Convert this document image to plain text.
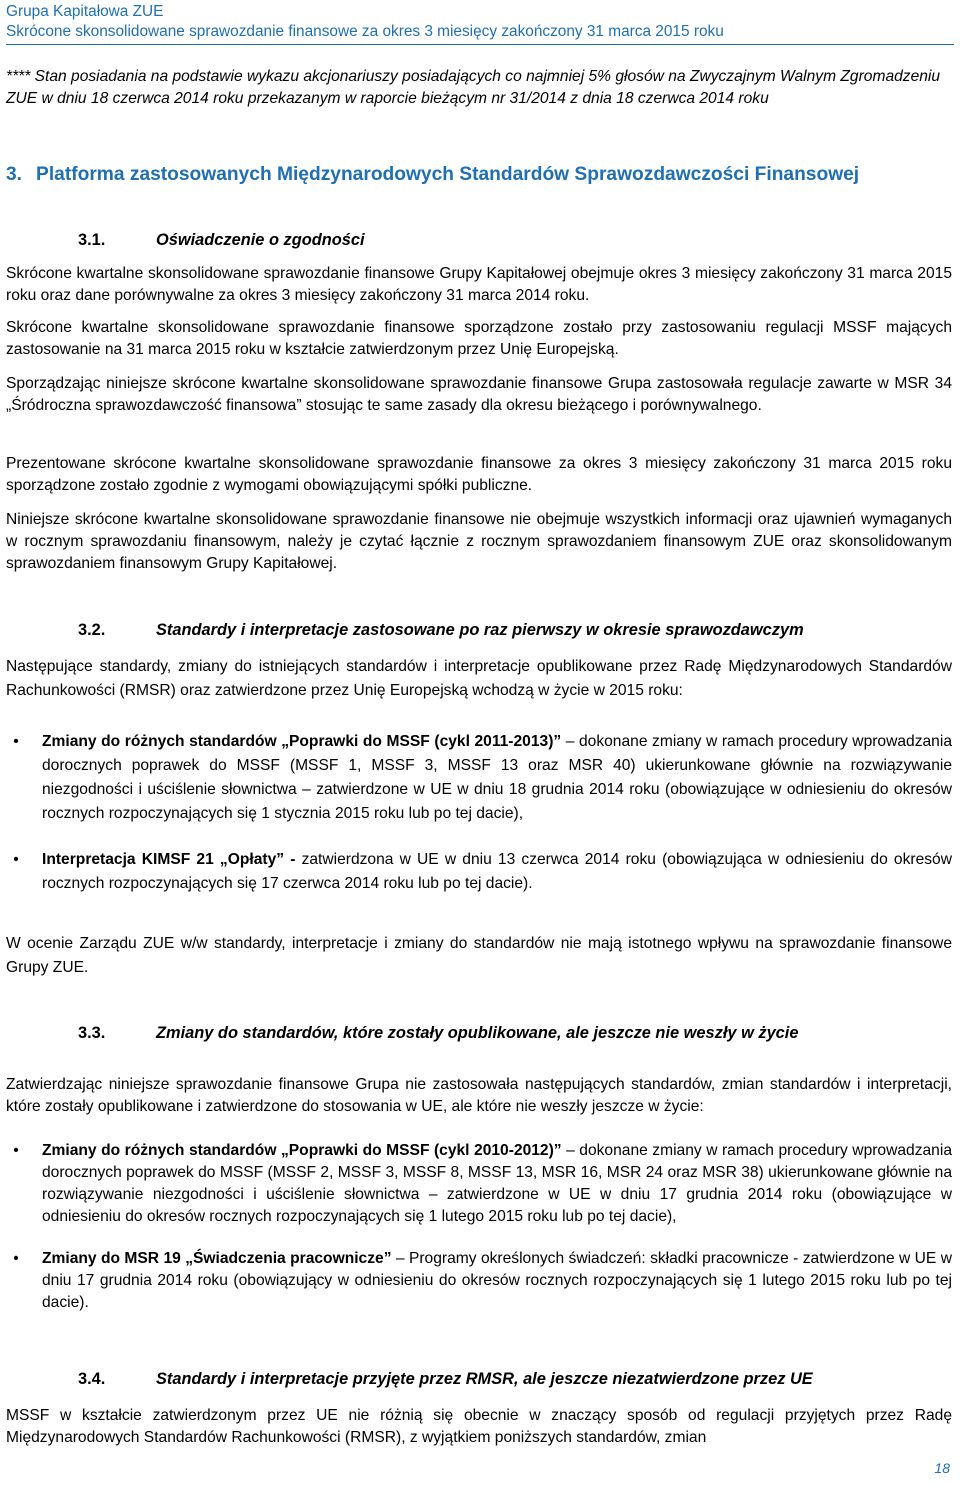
Grupa Kapitałowa ZUE
Skrócone skonsolidowane sprawozdanie finansowe za okres 3 miesięcy zakończony 31 marca 2015 roku
**** Stan posiadania na podstawie wykazu akcjonariuszy posiadających co najmniej 5% głosów na Zwyczajnym Walnym Zgromadzeniu ZUE w dniu 18 czerwca 2014 roku przekazanym w raporcie bieżącym nr 31/2014 z dnia 18 czerwca 2014 roku
3. Platforma zastosowanych Międzynarodowych Standardów Sprawozdawczości Finansowej
3.1.	Oświadczenie o zgodności
Skrócone kwartalne skonsolidowane sprawozdanie finansowe Grupy Kapitałowej obejmuje okres 3 miesięcy zakończony 31 marca 2015 roku oraz dane porównywalne za okres 3 miesięcy zakończony 31 marca 2014 roku.
Skrócone kwartalne skonsolidowane sprawozdanie finansowe sporządzone zostało przy zastosowaniu regulacji MSSF mających zastosowanie na 31 marca 2015 roku w kształcie zatwierdzonym przez Unię Europejską.
Sporządzając niniejsze skrócone kwartalne skonsolidowane sprawozdanie finansowe Grupa zastosowała regulacje zawarte w MSR 34 „Śródroczna sprawozdawczość finansowa” stosując te same zasady dla okresu bieżącego i porównywalnego.
Prezentowane skrócone kwartalne skonsolidowane sprawozdanie finansowe za okres 3 miesięcy zakończony 31 marca 2015 roku sporządzone zostało zgodnie z wymogami obowiązującymi spółki publiczne.
Niniejsze skrócone kwartalne skonsolidowane sprawozdanie finansowe nie obejmuje wszystkich informacji oraz ujawnień wymaganych w rocznym sprawozdaniu finansowym, należy je czytać łącznie z rocznym sprawozdaniem finansowym ZUE oraz skonsolidowanym sprawozdaniem finansowym Grupy Kapitałowej.
3.2.	Standardy i interpretacje zastosowane po raz pierwszy w okresie sprawozdawczym
Następujące standardy, zmiany do istniejących standardów i interpretacje opublikowane przez Radę Międzynarodowych Standardów Rachunkowości (RMSR) oraz zatwierdzone przez Unię Europejską wchodzą w życie w 2015 roku:
•	Zmiany do różnych standardów „Poprawki do MSSF (cykl 2011-2013)” – dokonane zmiany w ramach procedury wprowadzania dorocznych poprawek do MSSF (MSSF 1, MSSF 3, MSSF 13 oraz MSR 40) ukierunkowane głównie na rozwiązywanie niezgodności i uściślenie słownictwa – zatwierdzone w UE w dniu 18 grudnia 2014 roku (obowiązujące w odniesieniu do okresów rocznych rozpoczynających się 1 stycznia 2015 roku lub po tej dacie),
•	Interpretacja KIMSF 21 „Opłaty” - zatwierdzona w UE w dniu 13 czerwca 2014 roku (obowiązująca w odniesieniu do okresów rocznych rozpoczynających się 17 czerwca 2014 roku lub po tej dacie).
W ocenie Zarządu ZUE w/w standardy, interpretacje i zmiany do standardów nie mają istotnego wpływu na sprawozdanie finansowe Grupy ZUE.
3.3.	Zmiany do standardów, które zostały opublikowane, ale jeszcze nie weszły w życie
Zatwierdzając niniejsze sprawozdanie finansowe Grupa nie zastosowała następujących standardów, zmian standardów i interpretacji, które zostały opublikowane i zatwierdzone do stosowania w UE, ale które nie weszły jeszcze w życie:
•	Zmiany do różnych standardów „Poprawki do MSSF (cykl 2010-2012)” – dokonane zmiany w ramach procedury wprowadzania dorocznych poprawek do MSSF (MSSF 2, MSSF 3, MSSF 8, MSSF 13, MSR 16, MSR 24 oraz MSR 38) ukierunkowane głównie na rozwiązywanie niezgodności i uściślenie słownictwa – zatwierdzone w UE w dniu 17 grudnia 2014 roku (obowiązujące w odniesieniu do okresów rocznych rozpoczynających się 1 lutego 2015 roku lub po tej dacie),
•	Zmiany do MSR 19 „Świadczenia pracownicze” – Programy określonych świadczeń: składki pracownicze - zatwierdzone w UE w dniu 17 grudnia 2014 roku (obowiązujący w odniesieniu do okresów rocznych rozpoczynających się 1 lutego 2015 roku lub po tej dacie).
3.4.	Standardy i interpretacje przyjęte przez RMSR, ale jeszcze niezatwierdzone przez UE
MSSF w kształcie zatwierdzonym przez UE nie różnią się obecnie w znaczący sposób od regulacji przyjętych przez Radę Międzynarodowych Standardów Rachunkowości (RMSR), z wyjątkiem poniższych standardów, zmian
18
